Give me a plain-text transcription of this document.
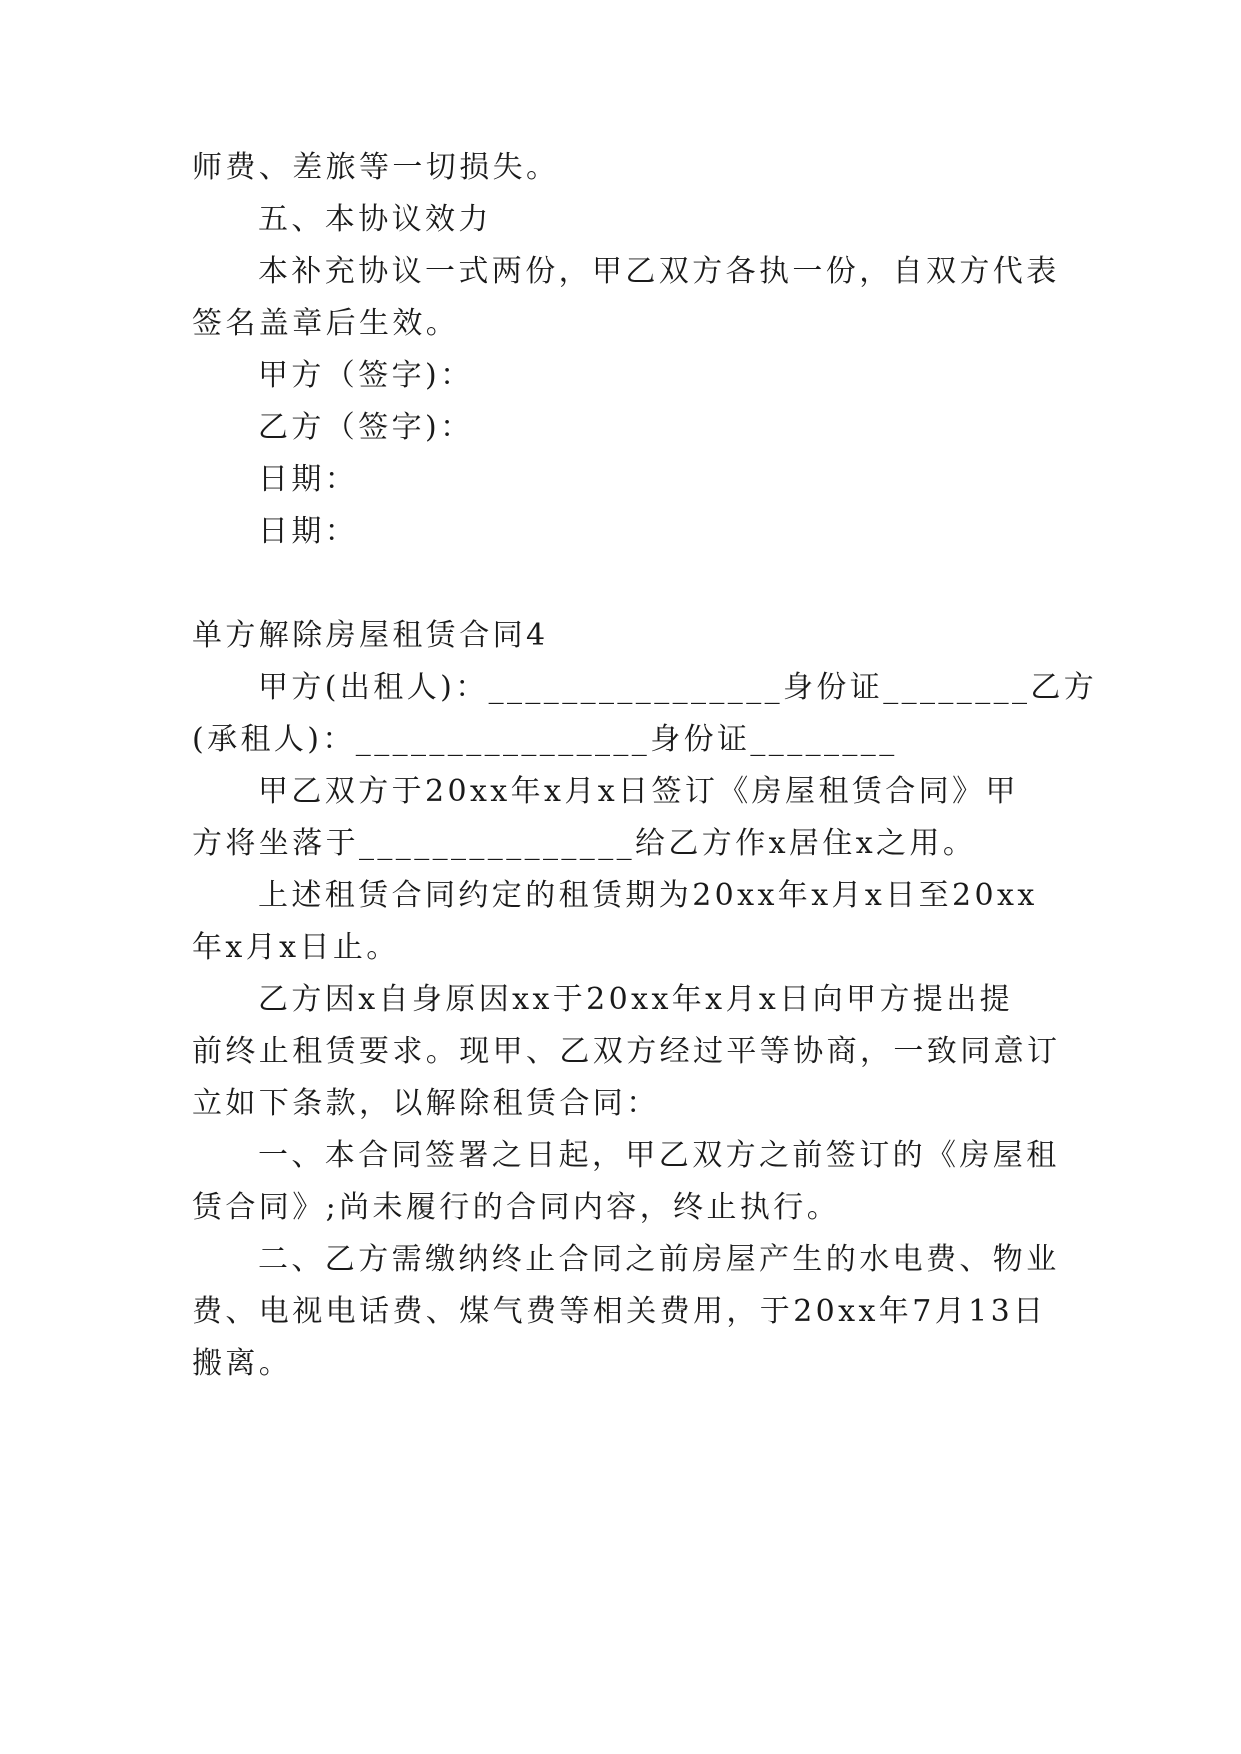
师费、差旅等一切损失。
五、本协议效力
本补充协议一式两份，甲乙双方各执一份，自双方代表
签名盖章后生效。
甲方（签字)：
乙方（签字)：
日期：
日期：
单方解除房屋租赁合同4
甲方(出租人)：________________身份证________乙方
(承租人)：________________身份证________
甲乙双方于20xx年x月x日签订《房屋租赁合同》甲
方将坐落于_______________给乙方作x居住x之用。
上述租赁合同约定的租赁期为20xx年x月x日至20xx
年x月x日止。
乙方因x自身原因xx于20xx年x月x日向甲方提出提
前终止租赁要求。现甲、乙双方经过平等协商，一致同意订
立如下条款，以解除租赁合同：
一、本合同签署之日起，甲乙双方之前签订的《房屋租
赁合同》;尚未履行的合同内容，终止执行。
二、乙方需缴纳终止合同之前房屋产生的水电费、物业
费、电视电话费、煤气费等相关费用，于20xx年7月13日
搬离。
